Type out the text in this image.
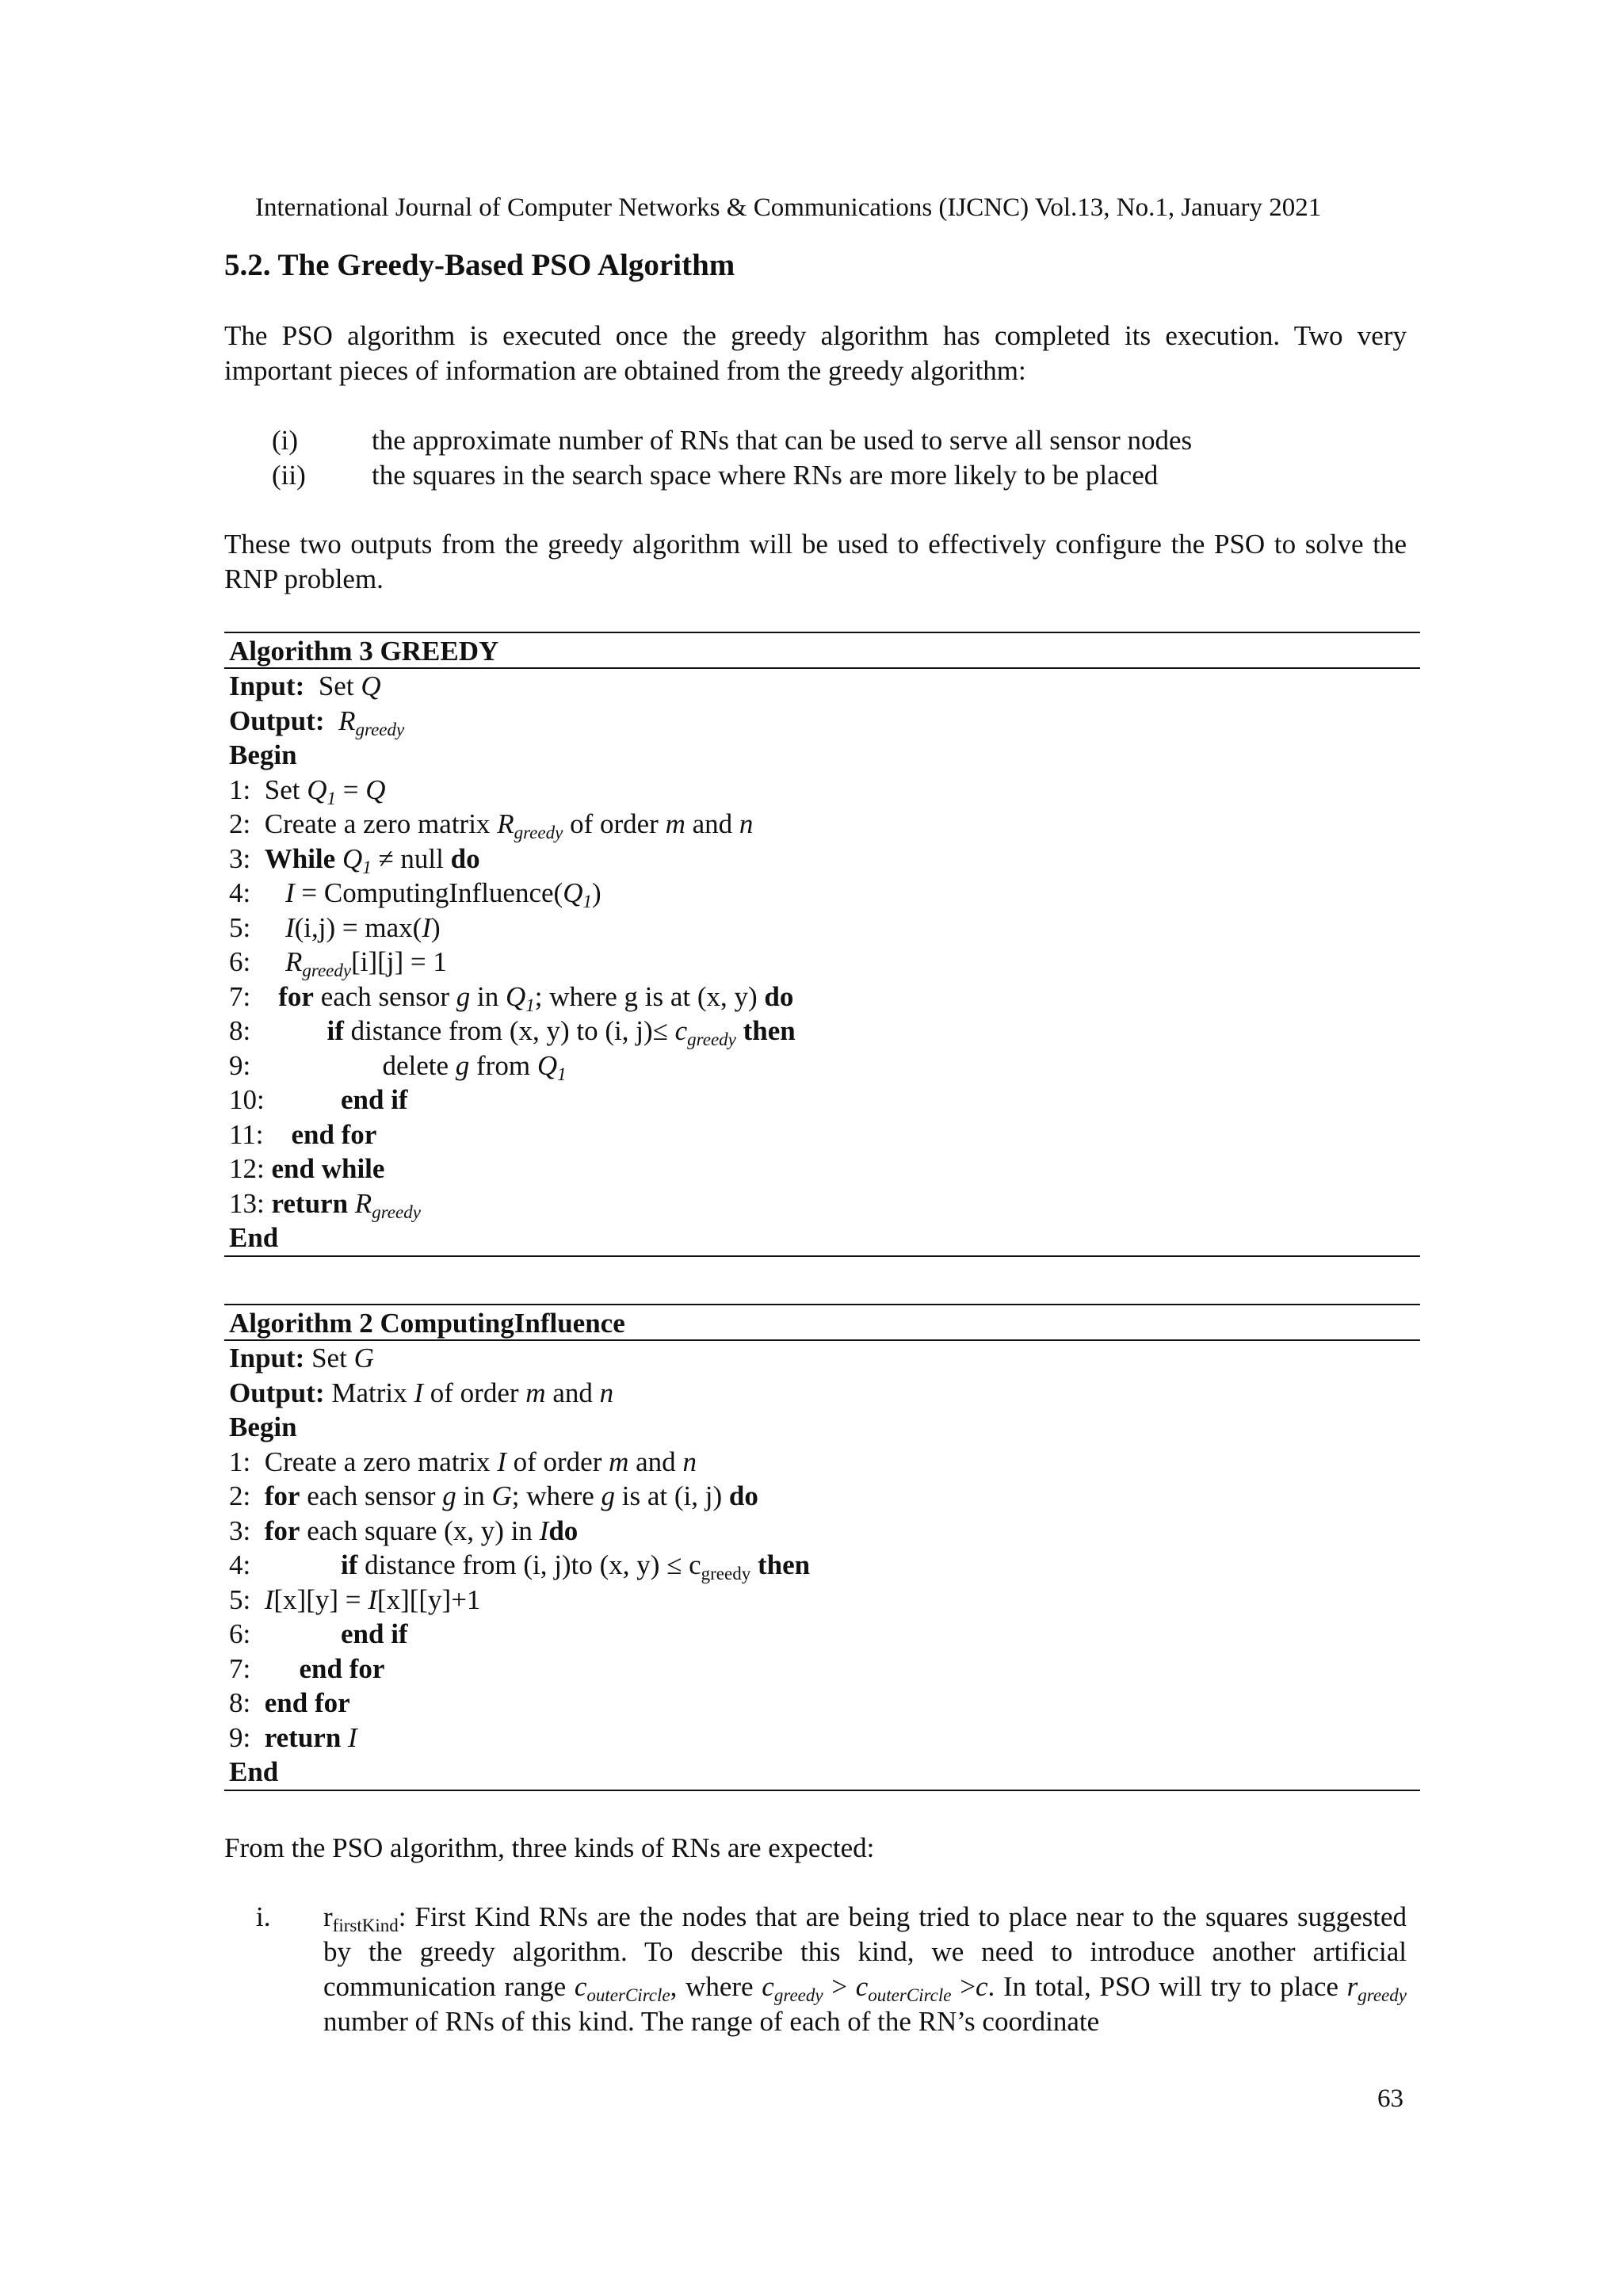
International Journal of Computer Networks & Communications (IJCNC) Vol.13, No.1, January 2021
5.2. The Greedy-Based PSO Algorithm
The PSO algorithm is executed once the greedy algorithm has completed its execution. Two very important pieces of information are obtained from the greedy algorithm:
(i)	the approximate number of RNs that can be used to serve all sensor nodes
(ii)	the squares in the search space where RNs are more likely to be placed
These two outputs from the greedy algorithm will be used to effectively configure the PSO to solve the RNP problem.
Algorithm 3 GREEDY
Input:  Set Q
Output: $R_{greedy}$
Begin
1:  Set $Q_1 = Q$
2:  Create a zero matrix $R_{greedy}$ of order m and n
3:  While $Q_1$ ≠ null do
4:     $I = ComputingInfluence(Q_1)$
5:     I(i,j) = max(I)
6:     $R_{greedy}[i][j] = 1$
7:    for each sensor g in $Q_1$; where g is at (x, y) do
8:           if distance from (x, y) to (i, $j)\le c_{greedy}$ then
9:                   delete g from $Q_1$
10:           end if
11:    end for
12: end while
13: return $R_{greedy}$
End
Algorithm 2 ComputingInfluence
Input: Set G
Output: Matrix I of order m and n
Begin
1:  Create a zero matrix I of order m and n
2:  for each sensor g in G; where g is at (i, j) do
3:  for each square (x, y) in Ido
4:             if distance from (i, j)to (x, $y) \le c_{greedy}$ then
5:  I[x][y] = I[x][[y]+1
6:             end if
7:       end for
8:  end for
9:  return I
End
From the PSO algorithm, three kinds of RNs are expected:
i.	$r_{firstKind}$: First Kind RNs are the nodes that are being tried to place near to the squares suggested by the greedy algorithm. To describe this kind, we need to introduce another artificial communication range $c_{outerCircle}$, where $c_{greedy} > c_{outerCircle} >c$. In total, PSO will try to place $r_{greedy}$ number of RNs of this kind. The range of each of the RN’s coordinate
63
